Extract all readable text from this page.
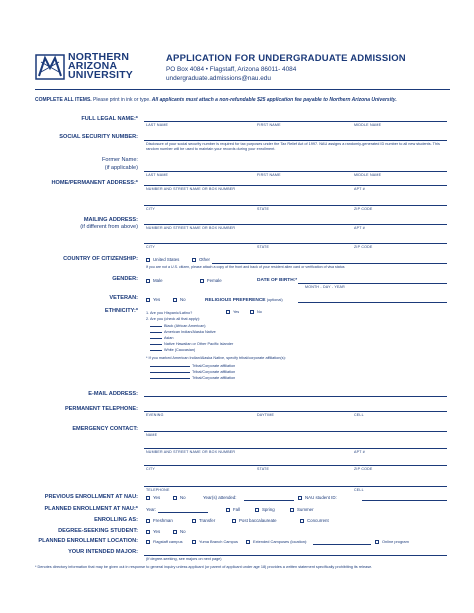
NORTHERN
ARIZONA
UNIVERSITY
APPLICATION FOR UNDERGRADUATE ADMISSION
PO Box 4084 • Flagstaff, Arizona 86011- 4084
undergraduate.admissions@nau.edu
COMPLETE ALL ITEMS. Please print in ink or type. All applicants must attach a non-refundable $25 application fee payable to Northern Arizona University.
FULL LEGAL NAME:*
LAST NAME	FIRST NAME	MIDDLE NAME
SOCIAL SECURITY NUMBER:
Disclosure of your social security number is required for tax purposes under the Tax Relief Act of 1997. NAU assigns a randomly-generated ID number to all new students. This random number will be used to maintain your records during your enrollment.
Former Name:
(if applicable)
LAST NAME	FIRST NAME	MIDDLE NAME
HOME/PERMANENT ADDRESS:*
NUMBER AND STREET NAME OR BOX NUMBER	APT #
CITY	STATE	ZIP CODE
MAILING ADDRESS:
(if different from above) NUMBER AND STREET NAME OR BOX NUMBER	APT #
CITY	STATE	ZIP CODE
COUNTRY OF CITIZENSHIP:	United States	Other
If you are not a U.S. citizen, please attach a copy of the front and back of your resident alien card or verification of visa status
GENDER:	Male	Female	DATE OF BIRTH:*
MONTH - DAY - YEAR
VETERAN:	Yes	No	RELIGIOUS PREFERENCE (optional)
ETHNICITY:* 1. Are you Hispanic/Latino?	Yes	No
2. Are you (check all that apply):
Black (African American)
American Indian/Alaska Native
Asian
Native Hawaiian or Other Pacific Islander
White (Caucasian)
* If you marked American Indian/Alaska Native, specify tribal/corporate affiliation(s):
Tribal/Corporate affiliation
Tribal/Corporate affiliation
Tribal/Corporate affiliation
E-MAIL ADDRESS:
PERMANENT TELEPHONE:
EVENING	DAYTIME	CELL
EMERGENCY CONTACT:
NAME
NUMBER AND STREET NAME OR BOX NUMBER	APT #
CITY	STATE	ZIP CODE
TELEPHONE	CELL
PREVIOUS ENROLLMENT AT NAU:	Yes	No	Year(s) attended:	NAU student ID:
PLANNED ENROLLMENT AT NAU:* Year:	Fall	Spring	Summer
ENROLLING AS:	Freshman	Transfer	Post baccalaureate	Concurrent
DEGREE-SEEKING STUDENT:	Yes	No
PLANNED ENROLLMENT LOCATION:	Flagstaff campus	Yuma Branch Campus	Extended Campuses (location):	Online program
YOUR INTENDED MAJOR:
(If degree-seeking, see majors on next page)
* Denotes directory information that may be given out in response to general inquiry unless applicant (or parent of applicant under age 18) provides a written statement specifically prohibiting its release.
